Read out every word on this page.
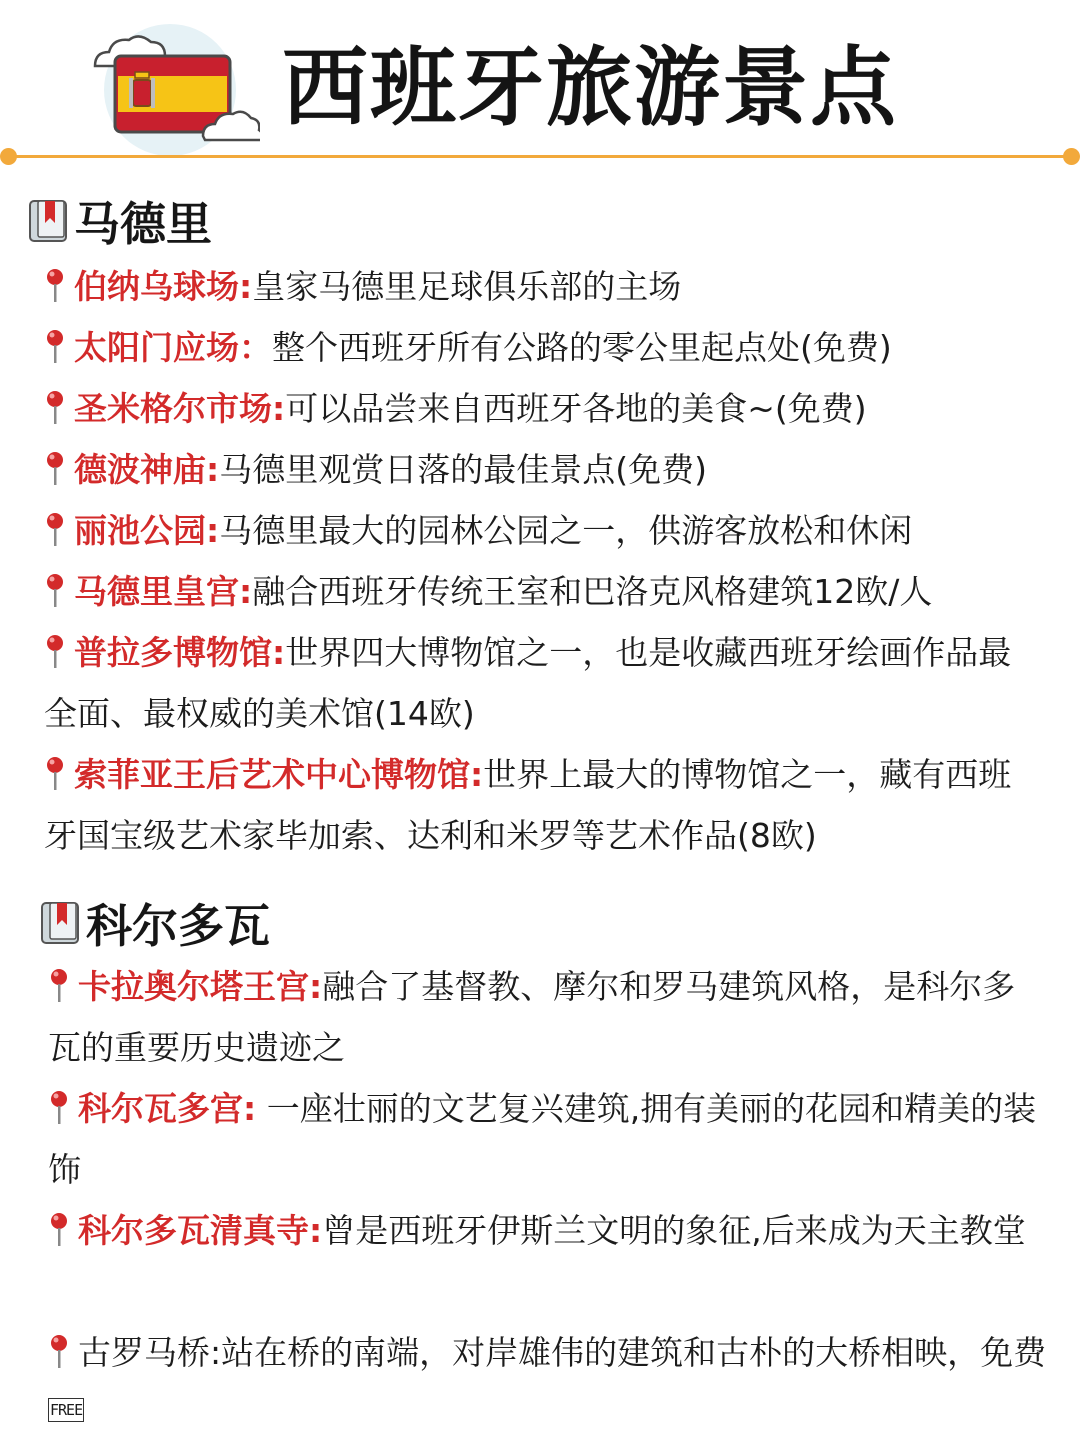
西班牙旅游景点
马德里
伯纳乌球场:皇家马德里足球俱乐部的主场
太阳门应场：整个西班牙所有公路的零公里起点处(免费)
圣米格尔市场:可以品尝来自西班牙各地的美食~(免费)
德波神庙:马德里观赏日落的最佳景点(免费)
丽池公园:马德里最大的园林公园之一，供游客放松和休闲
马德里皇宫:融合西班牙传统王室和巴洛克风格建筑12欧/人
普拉多博物馆:世界四大博物馆之一，也是收藏西班牙绘画作品最全面、最权威的美术馆(14欧)
索菲亚王后艺术中心博物馆:世界上最大的博物馆之一，藏有西班牙国宝级艺术家毕加索、达利和米罗等艺术作品(8欧)
科尔多瓦
卡拉奥尔塔王宫:融合了基督教、摩尔和罗马建筑风格，是科尔多瓦的重要历史遗迹之
科尔瓦多宫: 一座壮丽的文艺复兴建筑,拥有美丽的花园和精美的装饰
科尔多瓦清真寺:曾是西班牙伊斯兰文明的象征,后来成为天主教堂
古罗马桥:站在桥的南端，对岸雄伟的建筑和古朴的大桥相映，免费FREE
